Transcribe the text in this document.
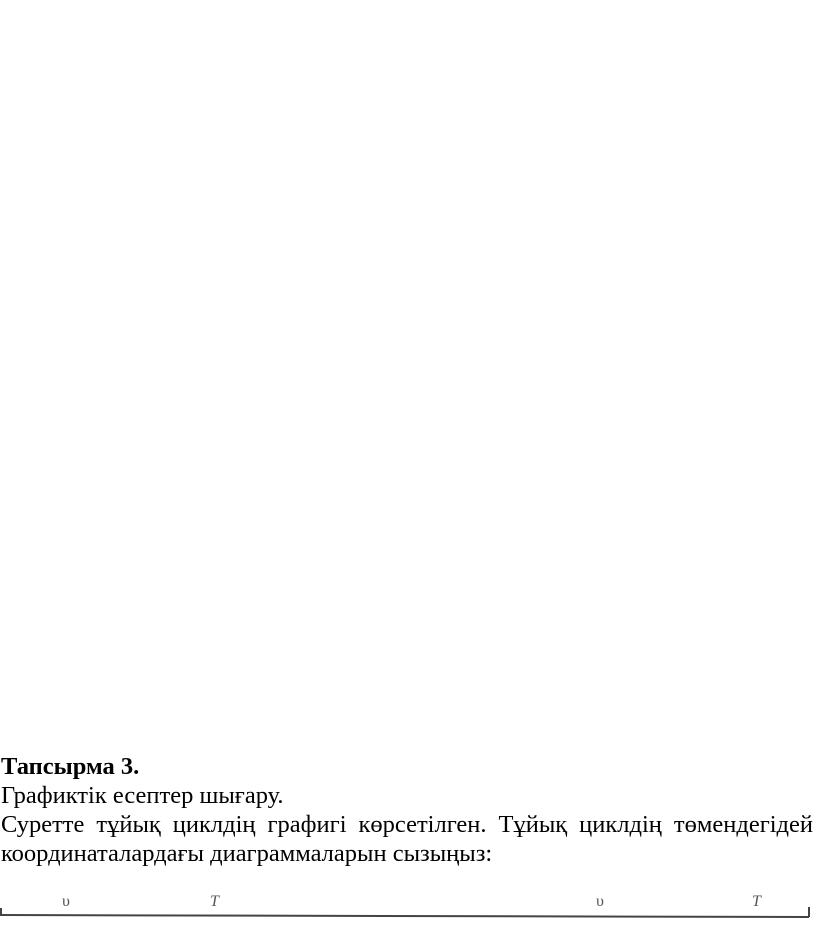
Тапсырма 3.

Графиктік есептер шығару.

Суретте тұйық циклдің графигі көрсетілген. Тұйық циклдің төмендегідей координаталардағы диаграммаларын сызыңыз:

υ	Т	υ	Т
